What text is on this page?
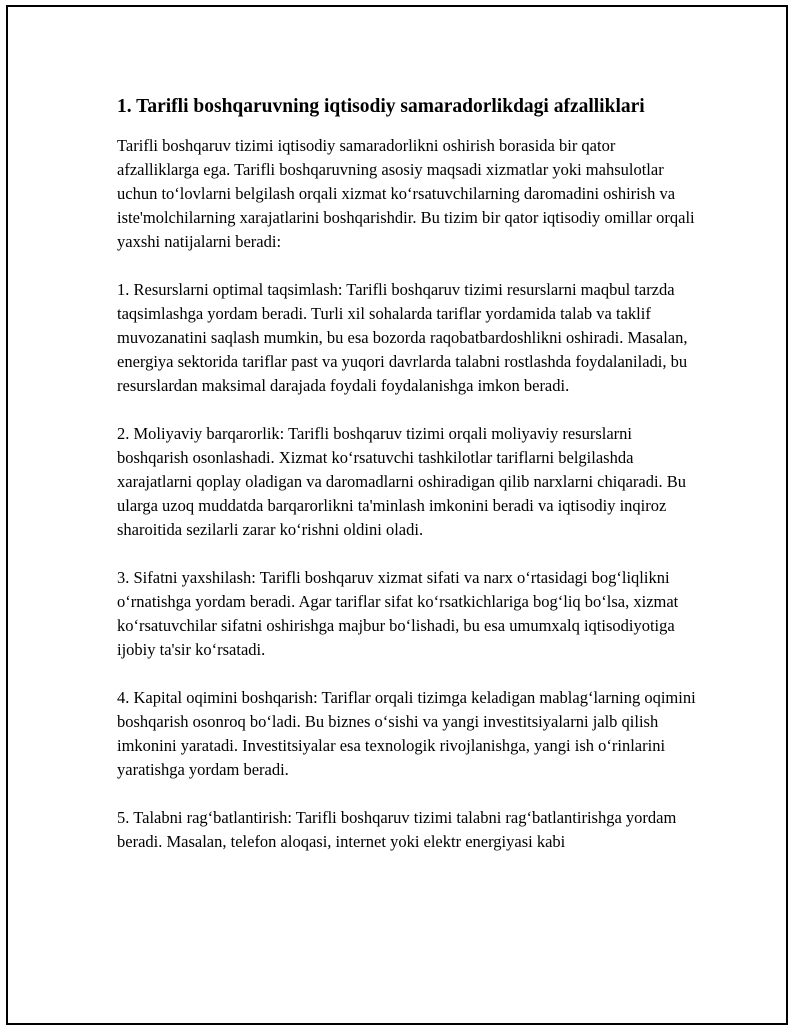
1. Tarifli boshqaruvning iqtisodiy samaradorlikdagi afzalliklari

Tarifli boshqaruv tizimi iqtisodiy samaradorlikni oshirish borasida bir qator afzalliklarga ega. Tarifli boshqaruvning asosiy maqsadi xizmatlar yoki mahsulotlar uchun to‘lovlarni belgilash orqali xizmat ko‘rsatuvchilarning daromadini oshirish va iste'molchilarning xarajatlarini boshqarishdir. Bu tizim bir qator iqtisodiy omillar orqali yaxshi natijalarni beradi:

1. Resurslarni optimal taqsimlash: Tarifli boshqaruv tizimi resurslarni maqbul tarzda taqsimlashga yordam beradi. Turli xil sohalarda tariflar yordamida talab va taklif muvozanatini saqlash mumkin, bu esa bozorda raqobatbardoshlikni oshiradi. Masalan, energiya sektorida tariflar past va yuqori davrlarda talabni rostlashda foydalaniladi, bu resurslardan maksimal darajada foydali foydalanishga imkon beradi.

2. Moliyaviy barqarorlik: Tarifli boshqaruv tizimi orqali moliyaviy resurslarni boshqarish osonlashadi. Xizmat ko‘rsatuvchi tashkilotlar tariflarni belgilashda xarajatlarni qoplay oladigan va daromadlarni oshiradigan qilib narxlarni chiqaradi. Bu ularga uzoq muddatda barqarorlikni ta'minlash imkonini beradi va iqtisodiy inqiroz sharoitida sezilarli zarar ko‘rishni oldini oladi.

3. Sifatni yaxshilash: Tarifli boshqaruv xizmat sifati va narx o‘rtasidagi bog‘liqlikni o‘rnatishga yordam beradi. Agar tariflar sifat ko‘rsatkichlariga bog‘liq bo‘lsa, xizmat ko‘rsatuvchilar sifatni oshirishga majbur bo‘lishadi, bu esa umumxalq iqtisodiyotiga ijobiy ta'sir ko‘rsatadi.

4. Kapital oqimini boshqarish: Tariflar orqali tizimga keladigan mablag‘larning oqimini boshqarish osonroq bo‘ladi. Bu biznes o‘sishi va yangi investitsiyalarni jalb qilish imkonini yaratadi. Investitsiyalar esa texnologik rivojlanishga, yangi ish o‘rinlarini yaratishga yordam beradi.

5. Talabni rag‘batlantirish: Tarifli boshqaruv tizimi talabni rag‘batlantirishga yordam beradi. Masalan, telefon aloqasi, internet yoki elektr energiyasi kabi
